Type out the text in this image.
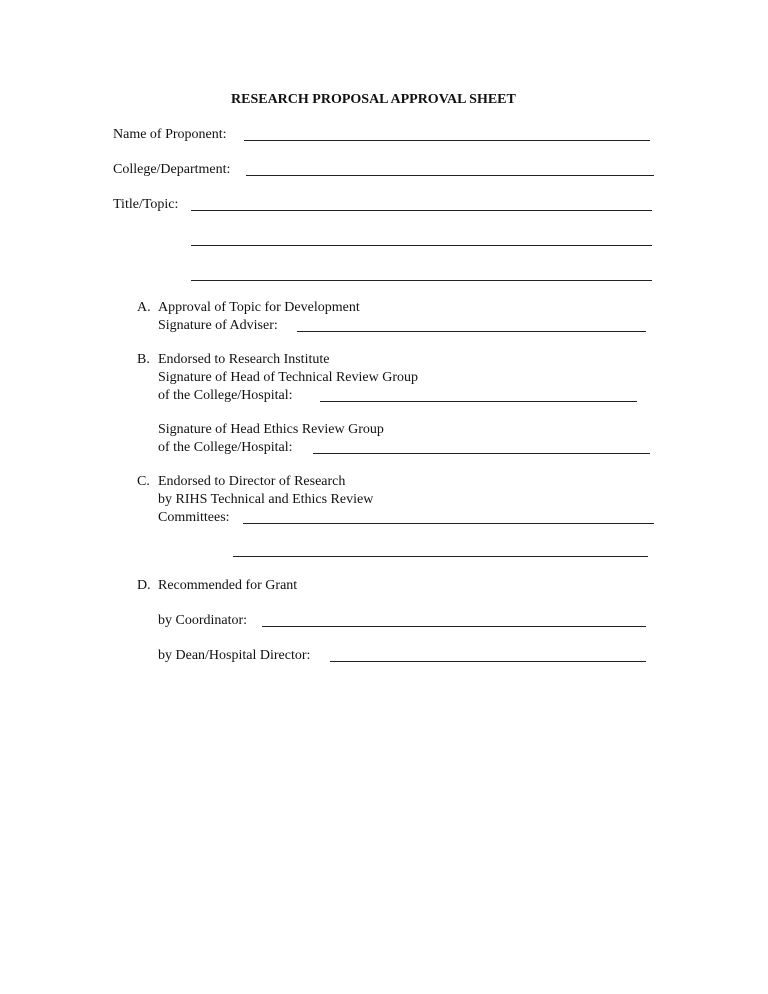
RESEARCH PROPOSAL APPROVAL SHEET
Name of Proponent:
College/Department:
Title/Topic:
A. Approval of Topic for Development
Signature of Adviser:
B. Endorsed to Research Institute
Signature of Head of Technical Review Group
of the College/Hospital:
Signature of Head Ethics Review Group
of the College/Hospital:
C. Endorsed to Director of Research
by RIHS Technical and Ethics Review
Committees:
D. Recommended for Grant
by Coordinator:
by Dean/Hospital Director:
